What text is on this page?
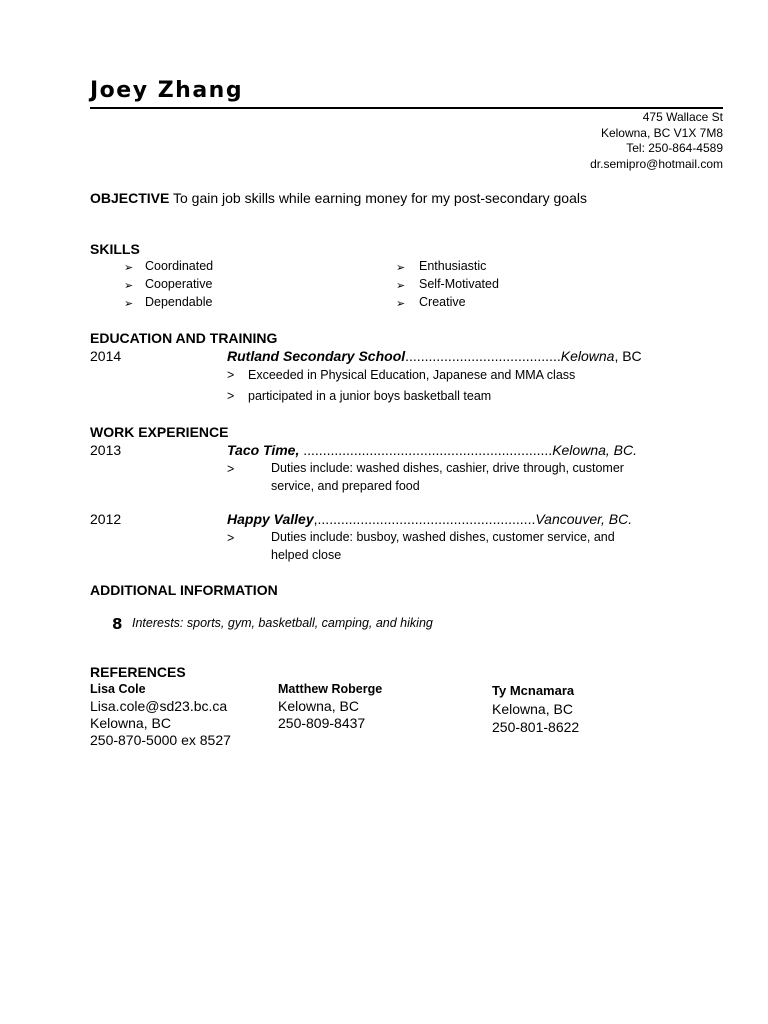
Joey Zhang
475 Wallace St
Kelowna, BC V1X 7M8
Tel: 250-864-4589
dr.semipro@hotmail.com
OBJECTIVE To gain job skills while earning money for my post-secondary goals
SKILLS
➢ Coordinated
➢ Cooperative
➢ Dependable
➢ Enthusiastic
➢ Self-Motivated
➢ Creative
EDUCATION AND TRAINING
2014	Rutland Secondary School........................................Kelowna, BC
> Exceeded in Physical Education, Japanese and MMA class
> participated in a junior boys basketball team
WORK EXPERIENCE
2013	Taco Time, ................................................................Kelowna, BC.
>	Duties include: washed dishes, cashier, drive through, customer
service, and prepared food
2012	Happy Valley,........................................................Vancouver, BC.
>	Duties include: busboy, washed dishes, customer service, and
helped close
ADDITIONAL INFORMATION
8 Interests: sports, gym, basketball, camping, and hiking
REFERENCES
Lisa Cole
Lisa.cole@sd23.bc.ca
Kelowna, BC
250-870-5000 ex 8527
Matthew Roberge
Kelowna, BC
250-809-8437
Ty Mcnamara
Kelowna, BC
250-801-8622
